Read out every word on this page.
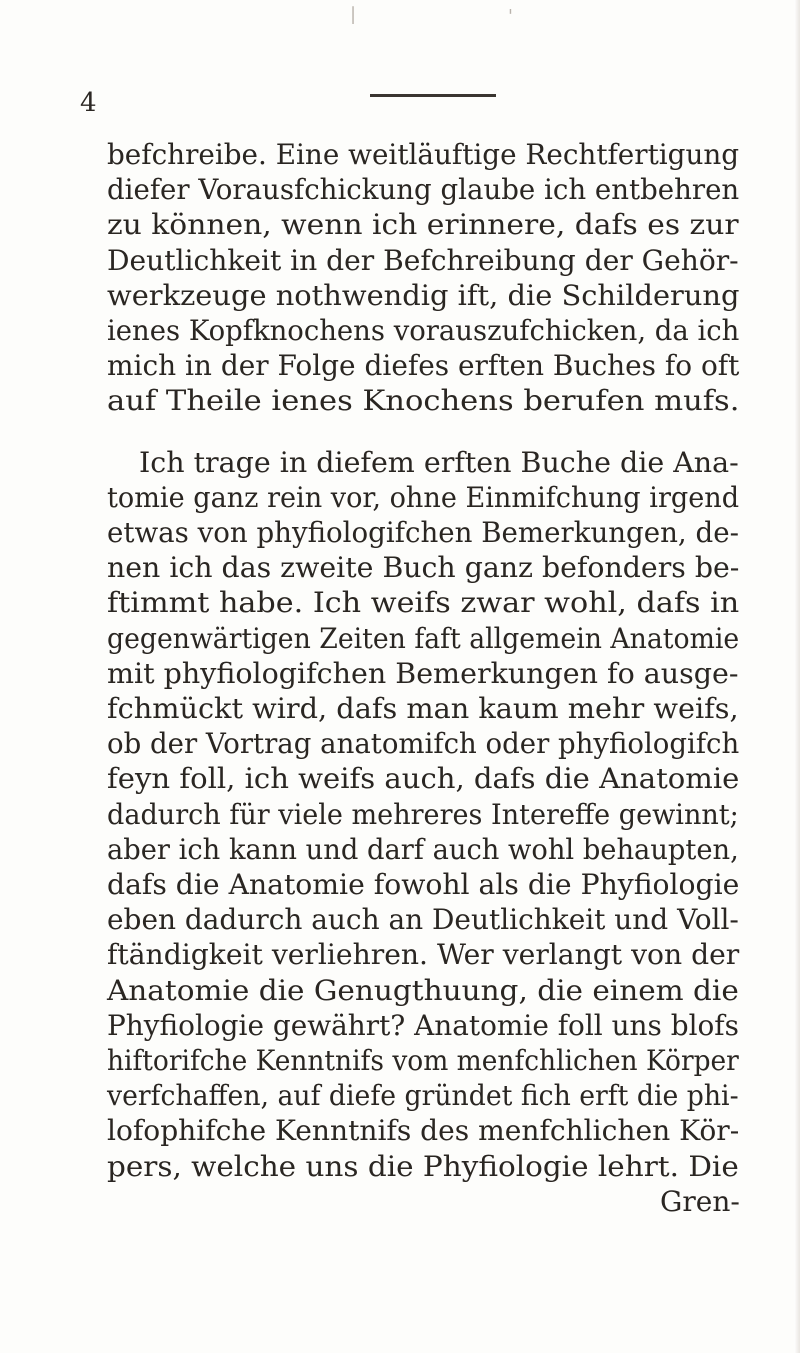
|	'
4
befchreibe. Eine weitläuftige Rechtfertigung
diefer Vorausfchickung glaube ich entbehren
zu können, wenn ich erinnere, dafs es zur
Deutlichkeit in der Befchreibung der Gehör-
werkzeuge nothwendig ift, die Schilderung
ienes Kopfknochens vorauszufchicken, da ich
mich in der Folge diefes erften Buches fo oft
auf Theile ienes Knochens berufen mufs.
Ich trage in diefem erften Buche die Ana-
tomie ganz rein vor, ohne Einmifchung irgend
etwas von phyfiologifchen Bemerkungen, de-
nen ich das zweite Buch ganz befonders be-
ftimmt habe. Ich weifs zwar wohl, dafs in
gegenwärtigen Zeiten faft allgemein Anatomie
mit phyfiologifchen Bemerkungen fo ausge-
fchmückt wird, dafs man kaum mehr weifs,
ob der Vortrag anatomifch oder phyfiologifch
feyn foll, ich weifs auch, dafs die Anatomie
dadurch für viele mehreres Intereffe gewinnt;
aber ich kann und darf auch wohl behaupten,
dafs die Anatomie fowohl als die Phyfiologie
eben dadurch auch an Deutlichkeit und Voll-
ftändigkeit verliehren. Wer verlangt von der
Anatomie die Genugthuung, die einem die
Phyfiologie gewährt? Anatomie foll uns blofs
hiftorifche Kenntnifs vom menfchlichen Körper
verfchaffen, auf diefe gründet fich erft die phi-
lofophifche Kenntnifs des menfchlichen Kör-
pers, welche uns die Phyfiologie lehrt. Die
Gren-
